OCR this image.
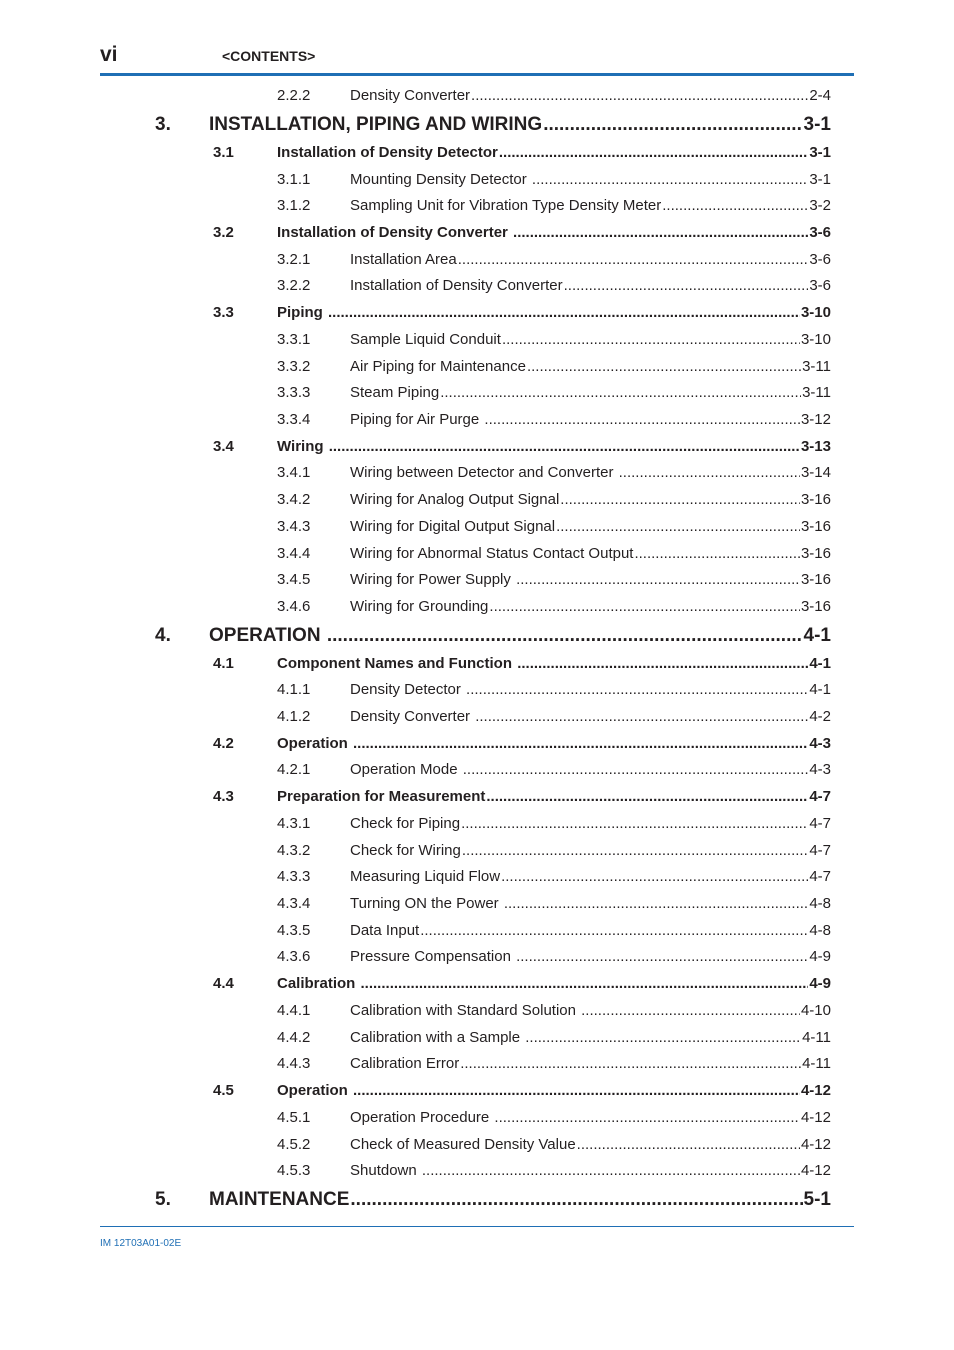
vi	<CONTENTS>
2.2.2	Density Converter .....	2-4
3. INSTALLATION, PIPING AND WIRING .....	3-1
3.1	Installation of Density Detector .....	3-1
3.1.1	Mounting Density Detector .....	3-1
3.1.2	Sampling Unit for Vibration Type Density Meter .....	3-2
3.2	Installation of Density Converter .....	3-6
3.2.1	Installation Area .....	3-6
3.2.2	Installation of Density Converter .....	3-6
3.3	Piping .....	3-10
3.3.1	Sample Liquid Conduit .....	3-10
3.3.2	Air Piping for Maintenance .....	3-11
3.3.3	Steam Piping .....	3-11
3.3.4	Piping for Air Purge .....	3-12
3.4	Wiring .....	3-13
3.4.1	Wiring between Detector and Converter .....	3-14
3.4.2	Wiring for Analog Output Signal .....	3-16
3.4.3	Wiring for Digital Output Signal .....	3-16
3.4.4	Wiring for Abnormal Status Contact Output .....	3-16
3.4.5	Wiring for Power Supply .....	3-16
3.4.6	Wiring for Grounding .....	3-16
4. OPERATION .....	4-1
4.1	Component Names and Function .....	4-1
4.1.1	Density Detector .....	4-1
4.1.2	Density Converter .....	4-2
4.2	Operation .....	4-3
4.2.1	Operation Mode .....	4-3
4.3	Preparation for Measurement .....	4-7
4.3.1	Check for Piping .....	4-7
4.3.2	Check for Wiring .....	4-7
4.3.3	Measuring Liquid Flow .....	4-7
4.3.4	Turning ON the Power .....	4-8
4.3.5	Data Input .....	4-8
4.3.6	Pressure Compensation .....	4-9
4.4	Calibration .....	4-9
4.4.1	Calibration with Standard Solution .....	4-10
4.4.2	Calibration with a Sample .....	4-11
4.4.3	Calibration Error .....	4-11
4.5	Operation .....	4-12
4.5.1	Operation Procedure .....	4-12
4.5.2	Check of Measured Density Value .....	4-12
4.5.3	Shutdown .....	4-12
5. MAINTENANCE .....	5-1
IM 12T03A01-02E
